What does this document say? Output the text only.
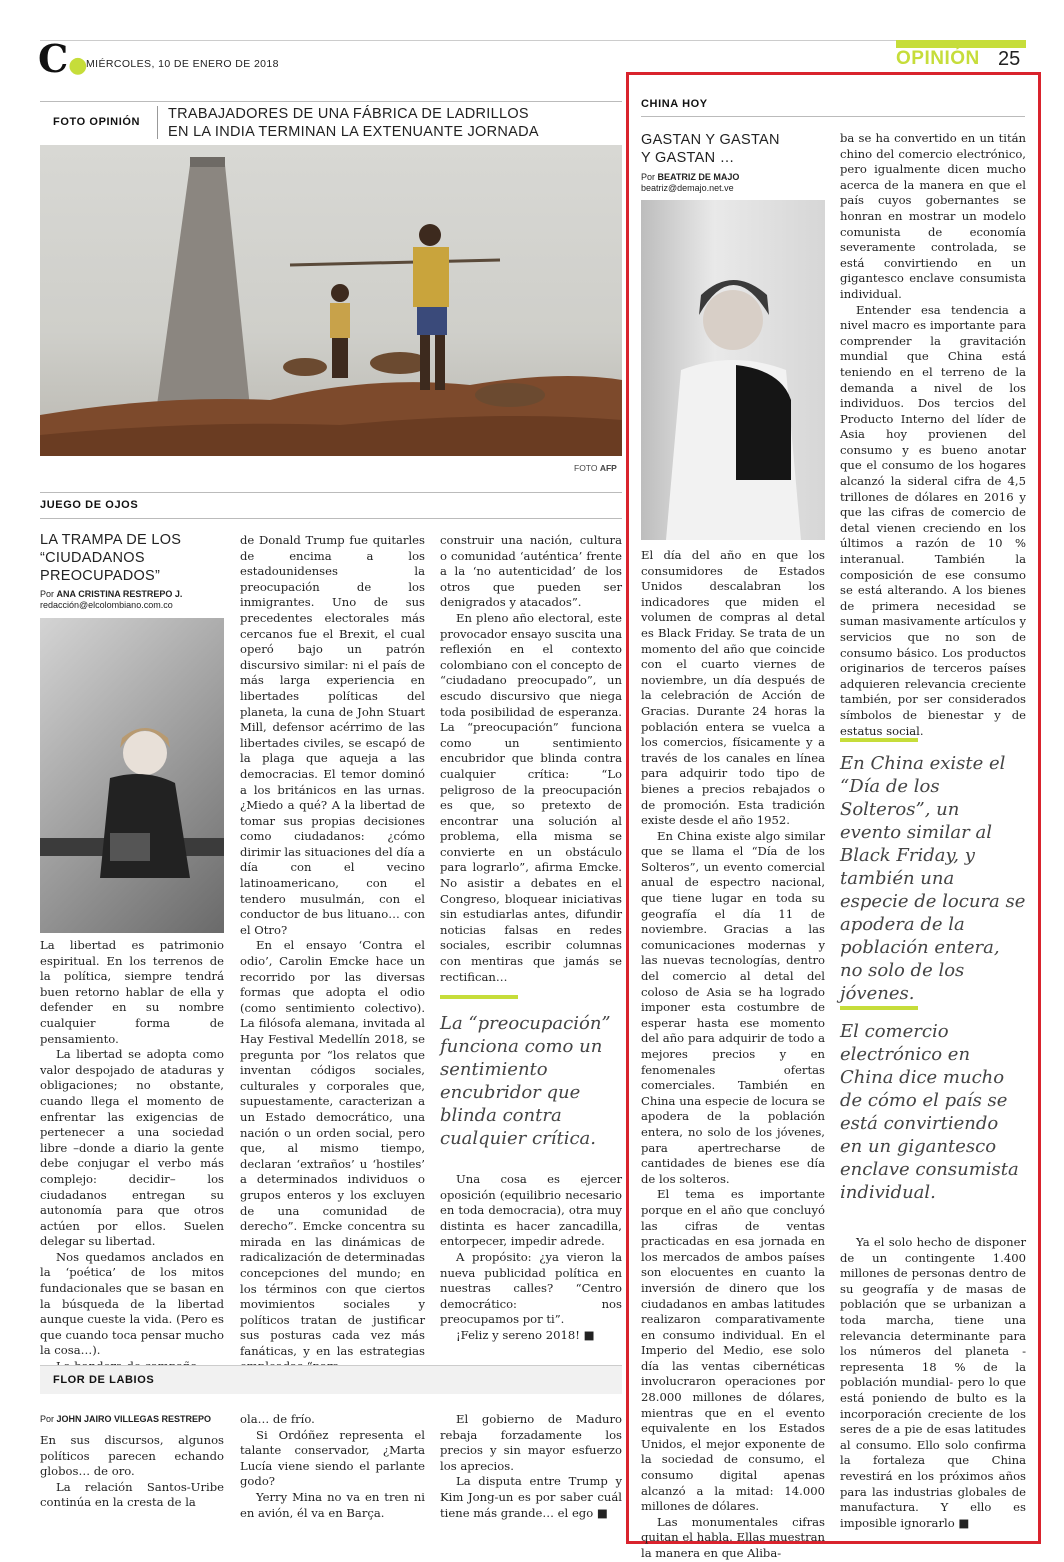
C●
MIÉRCOLES, 10 DE ENERO DE 2018	OPINIÓN 25
FOTO OPINIÓN TRABAJADORES DE UNA FÁBRICA DE LADRILLOS
EN LA INDIA TERMINAN LA EXTENUANTE JORNADA
FOTO AFP
JUEGO DE OJOS
LA TRAMPA DE LOS
“CIUDADANOS
PREOCUPADOS”
Por ANA CRISTINA RESTREPO J.
redacción@elcolombiano.com.co

La libertad es patrimonio espiritual. En los terrenos de la política, siempre tendrá buen retorno hablar de ella y defender en su nombre cualquier forma de pensamiento.

La libertad se adopta como valor despojado de ataduras y obligaciones; no obstante, cuando llega el momento de enfrentar las exigencias de pertenecer a una sociedad libre –donde a diario la gente debe conjugar el verbo más complejo: decidir– los ciudadanos entregan su autonomía para que otros actúen por ellos. Suelen delegar su libertad.

Nos quedamos anclados en la ‘poética’ de los mitos fundacionales que se basan en la búsqueda de la libertad aunque cueste la vida. (Pero es que cuando toca pensar mucho la cosa…).

de Donald Trump fue quitarles de encima a los estadounidenses la preocupación de los inmigrantes. Uno de sus precedentes electorales más cercanos fue el Brexit, el cual operó bajo un patrón discursivo similar: ni el país de más larga experiencia en libertades políticas del planeta, la cuna de John Stuart Mill, defensor acérrimo de las libertades civiles, se escapó de la plaga que aqueja a las democracias. El temor dominó a los británicos en las urnas. ¿Miedo a qué? A la libertad de tomar sus propias decisiones como ciudadanos: ¿cómo dirimir las situaciones del día a día con el vecino latinoamericano, con el tendero musulmán, con el conductor de bus lituano… con el Otro?

En el ensayo ‘Contra el odio’, Carolin Emcke hace un recorrido por las diversas formas que adopta el odio (como sentimiento colectivo). La filósofa alemana, invitada al Hay Festival Medellín 2018, se pregunta por “los relatos que inventan códigos sociales, culturales y corporales que, supuestamente, caracterizan a un Estado democrático, una nación o un orden social, pero que, al mismo tiempo, declaran ‘extraños’ u ‘hostiles’ a determinados individuos o grupos enteros y los excluyen de una comunidad de derecho”. Emcke concentra su mirada en las dinámicas de radicalización de determinadas concepciones del mundo; en los términos con que ciertos movimientos sociales y políticos tratan de justificar sus posturas cada vez más fanáticas, y en las estrategias

construir una nación, cultura o comunidad ‘auténtica’ frente a la ‘no autenticidad’ de los otros que pueden ser denigrados y atacados”.

En pleno año electoral, este provocador ensayo suscita una reflexión en el contexto colombiano con el concepto de “ciudadano preocupado”, un escudo discursivo que niega toda posibilidad de esperanza. La “preocupación” funciona como un sentimiento encubridor que blinda contra cualquier crítica: “Lo peligroso de la preocupación es que, so pretexto de encontrar una solución al problema, ella misma se convierte en un obstáculo para lograrlo”, afirma Emcke. No asistir a debates en el Congreso, bloquear iniciativas sin estudiarlas antes, difundir noticias falsas en redes sociales, escribir columnas con mentiras que jamás se rectifican…

La “preocupación” funciona como un sentimiento encubridor que blinda contra cualquier crítica.

Una cosa es ejercer oposición (equilibrio necesario en toda democracia), otra muy distinta es hacer zancadilla, entorpecer, impedir adrede.

A propósito: ¿ya vieron la nueva publicidad política en nuestras calles? “Centro democrático: nos preocupamos por ti”.

¡Feliz y sereno 2018! ■

FLOR DE LABIOS
Por JOHN JAIRO VILLEGAS RESTREPO

En sus discursos, algunos políticos parecen echando globos… de oro.

La relación Santos-Uribe continúa en la cresta de la

ola… de frío.

Si Ordóñez representa el talante conservador, ¿Marta Lucía viene siendo el parlante godo?

Yerry Mina no va en tren ni en avión, él va en Barça.

El gobierno de Maduro rebaja forzadamente los precios y sin mayor esfuerzo los aprecios.

La disputa entre Trump y Kim Jong-un es por saber cuál tiene más grande… el ego ■

CHINA HOY
GASTAN Y GASTAN
Y GASTAN …
Por BEATRIZ DE MAJO
beatriz@demajo.net.ve

El día del año en que los consumidores de Estados Unidos descalabran los indicadores que miden el volumen de compras al detal es Black Friday. Se trata de un momento del año que coincide con el cuarto viernes de noviembre, un día después de la celebración de Acción de Gracias. Durante 24 horas la población entera se vuelca a los comercios, físicamente y a través de los canales en línea para adquirir todo tipo de bienes a precios rebajados o de promoción. Esta tradición existe desde el año 1952.

En China existe algo similar que se llama el “Día de los Solteros”, un evento comercial anual de espectro nacional, que tiene lugar en toda su geografía el día 11 de noviembre. Gracias a las comunicaciones modernas y las nuevas tecnologías, dentro del comercio al detal del coloso de Asia se ha logrado imponer esta costumbre de esperar hasta ese momento del año para adquirir de todo a mejores precios y en fenomenales ofertas comerciales. También en China una especie de locura se apodera de la población entera, no solo de los jóvenes, para apertrecharse de cantidades de bienes ese día de los solteros.

El tema es importante porque en el año que concluyó las cifras de ventas practicadas en esa jornada en los mercados de ambos países son elocuentes en cuanto la inversión de dinero que los ciudadanos en ambas latitudes realizaron comparativamente en consumo individual. En el Imperio del Medio, ese solo día las ventas cibernéticas involucraron operaciones por 28.000 millones de dólares, mientras que en el evento equivalente en los Estados Unidos, el mejor exponente de la sociedad de consumo, el consumo digital apenas alcanzó a la mitad: 14.000 millones de dólares.

Las monumentales cifras quitan el habla. Ellas muestran la manera en que Aliba-

ba se ha convertido en un titán chino del comercio electrónico, pero igualmente dicen mucho acerca de la manera en que el país cuyos gobernantes se honran en mostrar un modelo comunista de economía severamente controlada, se está convirtiendo en un gigantesco enclave consumista individual.

Entender esa tendencia a nivel macro es importante para comprender la gravitación mundial que China está teniendo en el terreno de la demanda a nivel de los individuos. Dos tercios del Producto Interno del líder de Asia hoy provienen del consumo y es bueno anotar que el consumo de los hogares alcanzó la sideral cifra de 4,5 trillones de dólares en 2016 y que las cifras de comercio de detal vienen creciendo en los últimos a razón de 10 % interanual. También la composición de ese consumo se está alterando. A los bienes de primera necesidad se suman masivamente artículos y servicios que no son de consumo básico. Los productos originarios de terceros países adquieren relevancia creciente también, por ser considerados símbolos de bienestar y de estatus social.

En China existe el “Día de los Solteros”, un evento similar al Black Friday, y también una especie de locura se apodera de la población entera, no solo de los jóvenes.
El comercio electrónico en China dice mucho de cómo el país se está convirtiendo en un gigantesco enclave consumista individual.

Ya el solo hecho de disponer de un contingente 1.400 millones de personas dentro de su geografía y de masas de población que se urbanizan a toda marcha, tiene una relevancia determinante para los números del planeta -representa 18 % de la población mundial- pero lo que está poniendo de bulto es la incorporación creciente de los seres de a pie de esas latitudes al consumo. Ello solo confirma la fortaleza que China revestirá en los próximos años para las industrias globales de manufactura. Y ello es imposible ignorarlo ■
